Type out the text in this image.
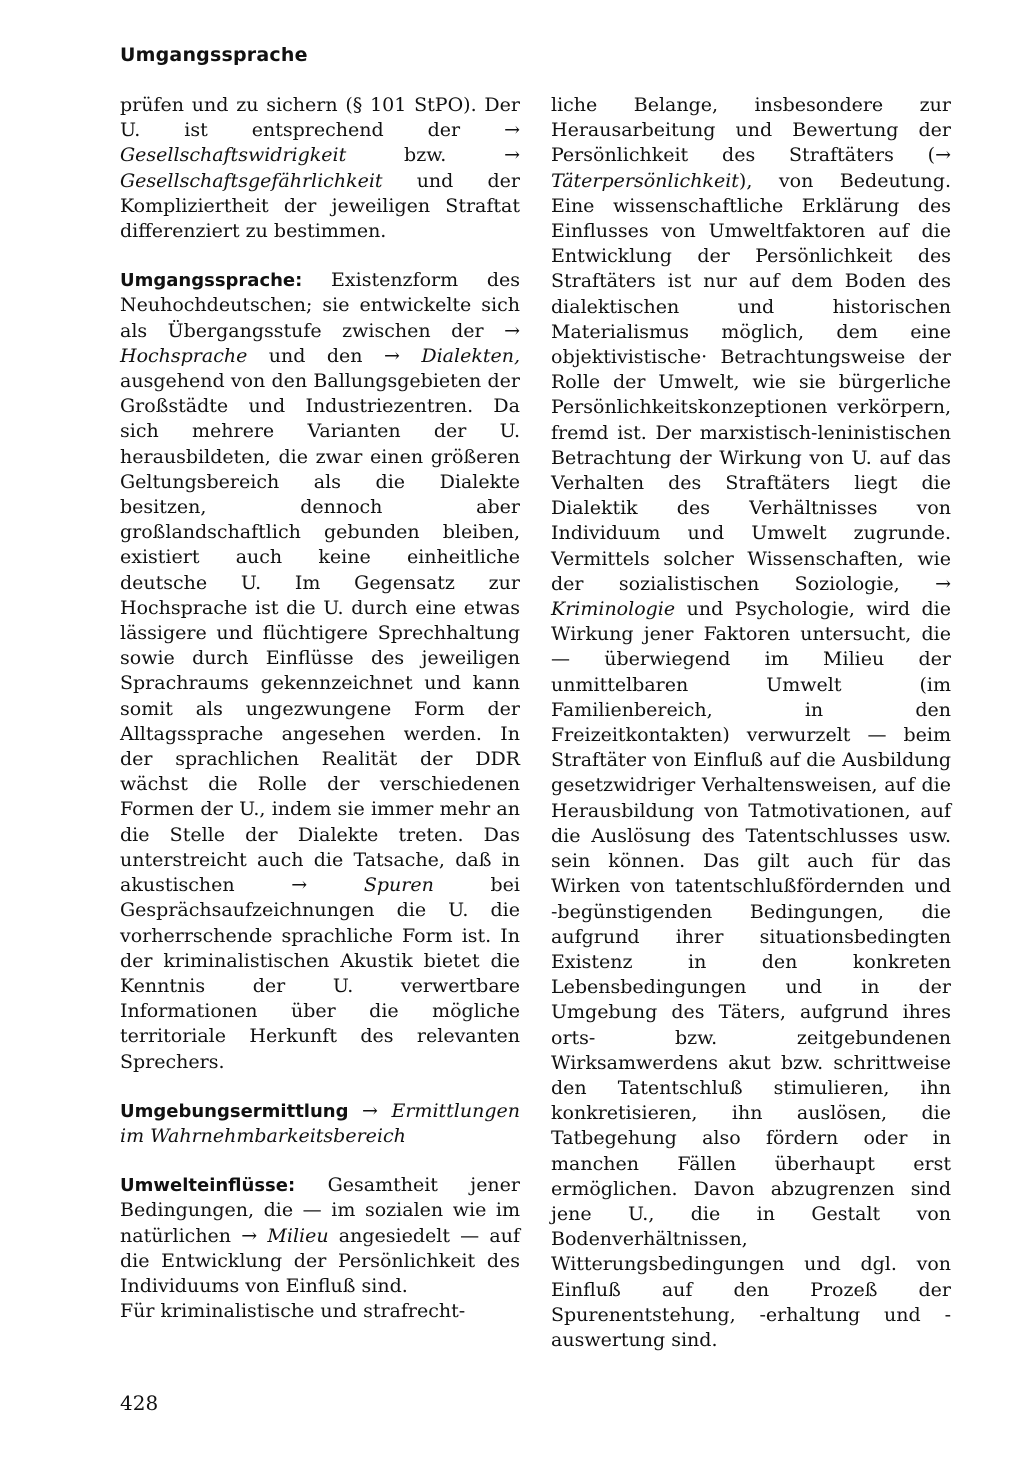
Umgangssprache

prüfen und zu sichern (§ 101 StPO). Der U. ist entsprechend der → Gesellschaftswidrigkeit bzw. → Gesellschaftsgefährlichkeit und der Kompliziertheit der jeweiligen Straftat differenziert zu bestimmen.

Umgangssprache: Existenzform des Neuhochdeutschen; sie entwickelte sich als Übergangsstufe zwischen der → Hochsprache und den → Dialekten, ausgehend von den Ballungsgebieten der Großstädte und Industriezentren. Da sich mehrere Varianten der U. herausbildeten, die zwar einen größeren Geltungsbereich als die Dialekte besitzen, dennoch aber großlandschaftlich gebunden bleiben, existiert auch keine einheitliche deutsche U. Im Gegensatz zur Hochsprache ist die U. durch eine etwas lässigere und flüchtigere Sprechhaltung sowie durch Einflüsse des jeweiligen Sprachraums gekennzeichnet und kann somit als ungezwungene Form der Alltagssprache angesehen werden. In der sprachlichen Realität der DDR wächst die Rolle der verschiedenen Formen der U., indem sie immer mehr an die Stelle der Dialekte treten. Das unterstreicht auch die Tatsache, daß in akustischen → Spuren bei Gesprächsaufzeichnungen die U. die vorherrschende sprachliche Form ist. In der kriminalistischen Akustik bietet die Kenntnis der U. verwertbare Informationen über die mögliche territoriale Herkunft des relevanten Sprechers.

Umgebungsermittlung → Ermittlungen im Wahrnehmbarkeitsbereich

Umwelteinflüsse: Gesamtheit jener Bedingungen, die — im sozialen wie im natürlichen → Milieu angesiedelt — auf die Entwicklung der Persönlichkeit des Individuums von Einfluß sind.

Für kriminalistische und strafrecht-

liche Belange, insbesondere zur Herausarbeitung und Bewertung der Persönlichkeit des Straftäters (→ Täterpersönlichkeit), von Bedeutung. Eine wissenschaftliche Erklärung des Einflusses von Umweltfaktoren auf die Entwicklung der Persönlichkeit des Straftäters ist nur auf dem Boden des dialektischen und historischen Materialismus möglich, dem eine objektivistische· Betrachtungsweise der Rolle der Umwelt, wie sie bürgerliche Persönlichkeitskonzeptionen verkörpern, fremd ist. Der marxistisch-leninistischen Betrachtung der Wirkung von U. auf das Verhalten des Straftäters liegt die Dialektik des Verhältnisses von Individuum und Umwelt zugrunde. Vermittels solcher Wissenschaften, wie der sozialistischen Soziologie, → Kriminologie und Psychologie, wird die Wirkung jener Faktoren untersucht, die — überwiegend im Milieu der unmittelbaren Umwelt (im Familienbereich, in den Freizeitkontakten) verwurzelt — beim Straftäter von Einfluß auf die Ausbildung gesetzwidriger Verhaltensweisen, auf die Herausbildung von Tatmotivationen, auf die Auslösung des Tatentschlusses usw. sein können. Das gilt auch für das Wirken von tatentschlußfördernden und -begünstigenden Bedingungen, die aufgrund ihrer situationsbedingten Existenz in den konkreten Lebensbedingungen und in der Umgebung des Täters, aufgrund ihres orts- bzw. zeitgebundenen Wirksamwerdens akut bzw. schrittweise den Tatentschluß stimulieren, ihn konkretisieren, ihn auslösen, die Tatbegehung also fördern oder in manchen Fällen überhaupt erst ermöglichen. Davon abzugrenzen sind jene U., die in Gestalt von Bodenverhältnissen, Witterungsbedingungen und dgl. von Einfluß auf den Prozeß der Spurenentstehung, -erhaltung und -auswertung sind.

428
